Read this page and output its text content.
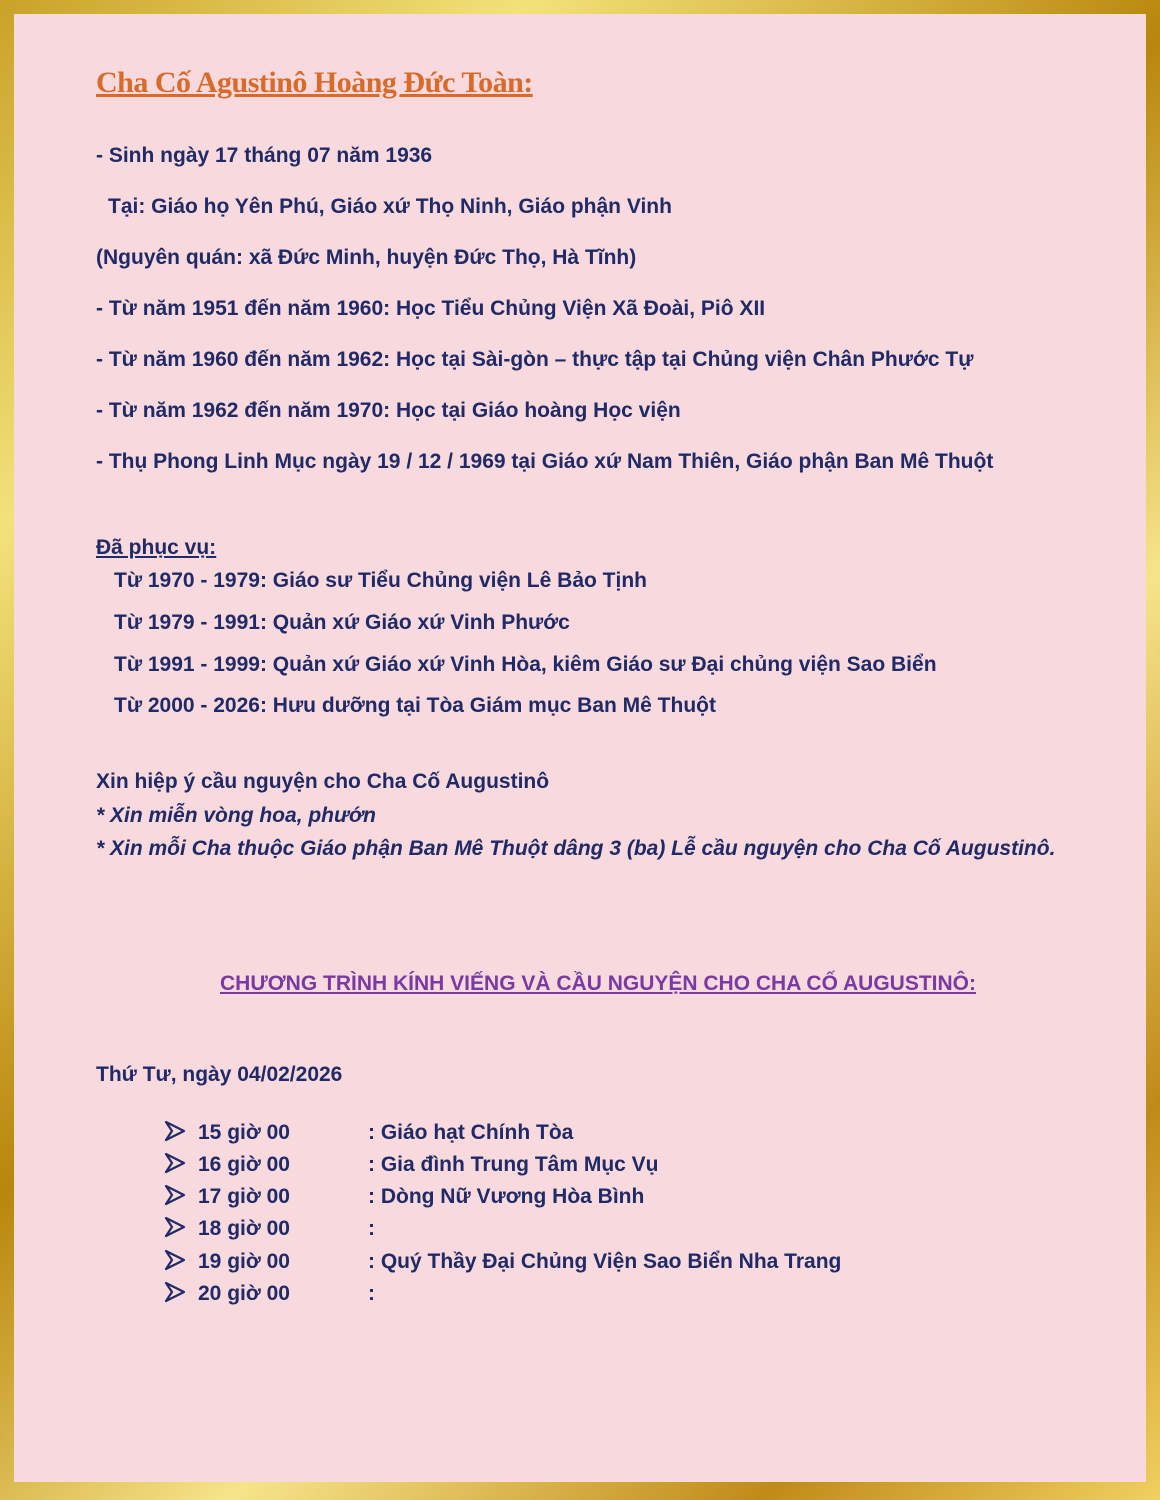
Cha Cố Agustinô Hoàng Đức Toàn:
- Sinh ngày 17 tháng 07 năm 1936
Tại: Giáo họ Yên Phú, Giáo xứ Thọ Ninh, Giáo phận Vinh
(Nguyên quán: xã Đức Minh, huyện Đức Thọ, Hà Tĩnh)
- Từ năm 1951 đến năm 1960: Học Tiểu Chủng Viện Xã Đoài, Piô XII
- Từ năm 1960 đến năm 1962: Học tại Sài-gòn – thực tập tại Chủng viện Chân Phước Tự
- Từ năm 1962 đến năm 1970: Học tại Giáo hoàng Học viện
- Thụ Phong Linh Mục ngày 19 / 12 / 1969 tại Giáo xứ Nam Thiên, Giáo phận Ban Mê Thuột
Đã phục vụ:
Từ 1970 - 1979: Giáo sư Tiểu Chủng viện Lê Bảo Tịnh
Từ 1979 - 1991: Quản xứ Giáo xứ Vinh Phước
Từ 1991 - 1999: Quản xứ Giáo xứ Vinh Hòa, kiêm Giáo sư Đại chủng viện Sao Biển
Từ 2000 - 2026: Hưu dưỡng tại Tòa Giám mục Ban Mê Thuột
Xin hiệp ý cầu nguyện cho Cha Cố Augustinô
* Xin miễn vòng hoa, phướn
* Xin mỗi Cha thuộc Giáo phận Ban Mê Thuột dâng 3 (ba) Lễ cầu nguyện cho Cha Cố Augustinô.
CHƯƠNG TRÌNH KÍNH VIẾNG VÀ CẦU NGUYỆN CHO CHA CỐ AUGUSTINÔ:
Thứ Tư, ngày 04/02/2026
15 giờ 00	: Giáo hạt Chính Tòa
16 giờ 00	: Gia đình Trung Tâm Mục Vụ
17 giờ 00	: Dòng Nữ Vương Hòa Bình
18 giờ 00	:
19 giờ 00	: Quý Thầy Đại Chủng Viện Sao Biển Nha Trang
20 giờ 00	:
